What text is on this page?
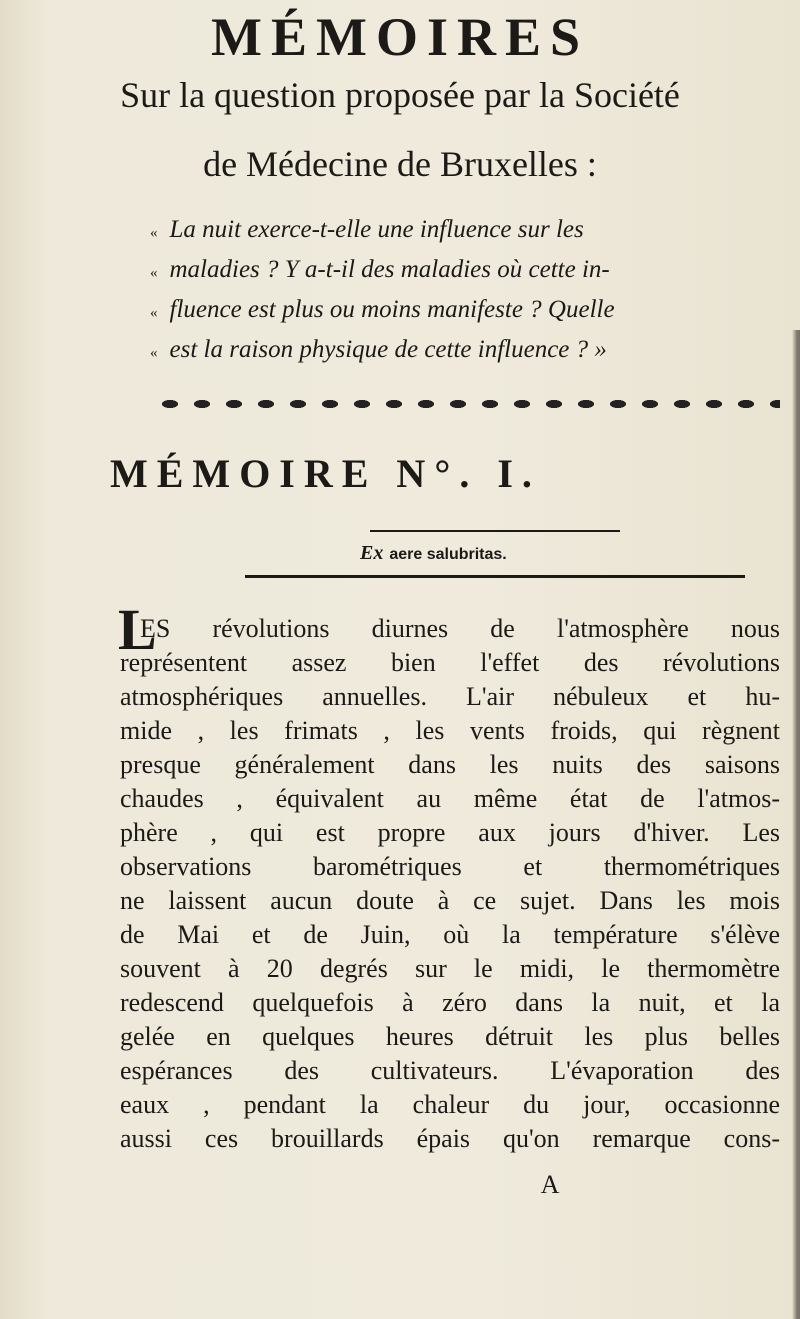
MÉMOIRES

Sur la question proposée par la Société

de Médecine de Bruxelles :

« La nuit exerce-t-elle une influence sur les
« maladies ? Y a-t-il des maladies où cette in-
« fluence est plus ou moins manifeste ? Quelle
« est la raison physique de cette influence ? »
MÉMOIRE N°. I.
Ex aere salubritas.
L
ES révolutions diurnes de l'atmosphère nous
représentent assez bien l'effet des révolutions
atmosphériques annuelles. L'air nébuleux et hu-
mide , les frimats , les vents froids, qui règnent
presque généralement dans les nuits des saisons
chaudes , équivalent au même état de l'atmos-
phère , qui est propre aux jours d'hiver. Les
observations barométriques et thermométriques
ne laissent aucun doute à ce sujet. Dans les mois
de Mai et de Juin, où la température s'élève
souvent à 20 degrés sur le midi, le thermomètre
redescend quelquefois à zéro dans la nuit, et la
gelée en quelques heures détruit les plus belles
espérances des cultivateurs. L'évaporation des
eaux , pendant la chaleur du jour, occasionne
aussi ces brouillards épais qu'on remarque cons-
A
